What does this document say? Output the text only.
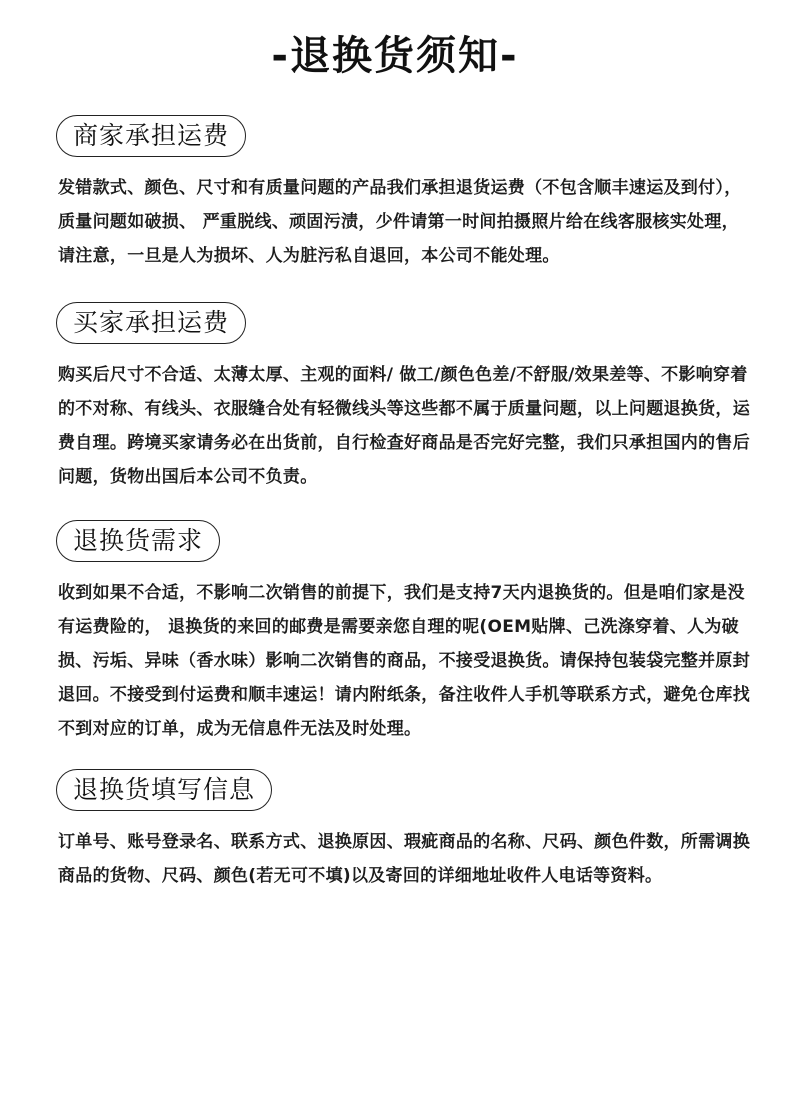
-退换货须知-
商家承担运费
发错款式、颜色、尺寸和有质量问题的产品我们承担退货运费（不包含顺丰速运及到付），质量问题如破损、 严重脱线、顽固污渍，少件请第一时间拍摄照片给在线客服核实处理，请注意，一旦是人为损坏、人为脏污私自退回，本公司不能处理。
买家承担运费
购买后尺寸不合适、太薄太厚、主观的面料/ 做工/颜色色差/不舒服/效果差等、不影响穿着的不对称、有线头、衣服缝合处有轻微线头等这些都不属于质量问题，以上问题退换货，运费自理。跨境买家请务必在出货前，自行检查好商品是否完好完整，我们只承担国内的售后问题，货物出国后本公司不负责。
退换货需求
收到如果不合适，不影响二次销售的前提下，我们是支持7天内退换货的。但是咱们家是没有运费险的， 退换货的来回的邮费是需要亲您自理的呢(OEM贴牌、己洗涤穿着、人为破损、污垢、异味（香水味）影响二次销售的商品，不接受退换货。请保持包装袋完整并原封退回。不接受到付运费和顺丰速运！请内附纸条，备注收件人手机等联系方式，避免仓库找不到对应的订单，成为无信息件无法及时处理。
退换货填写信息
订单号、账号登录名、联系方式、退换原因、瑕疵商品的名称、尺码、颜色件数，所需调换商品的货物、尺码、颜色(若无可不填)以及寄回的详细地址收件人电话等资料。
